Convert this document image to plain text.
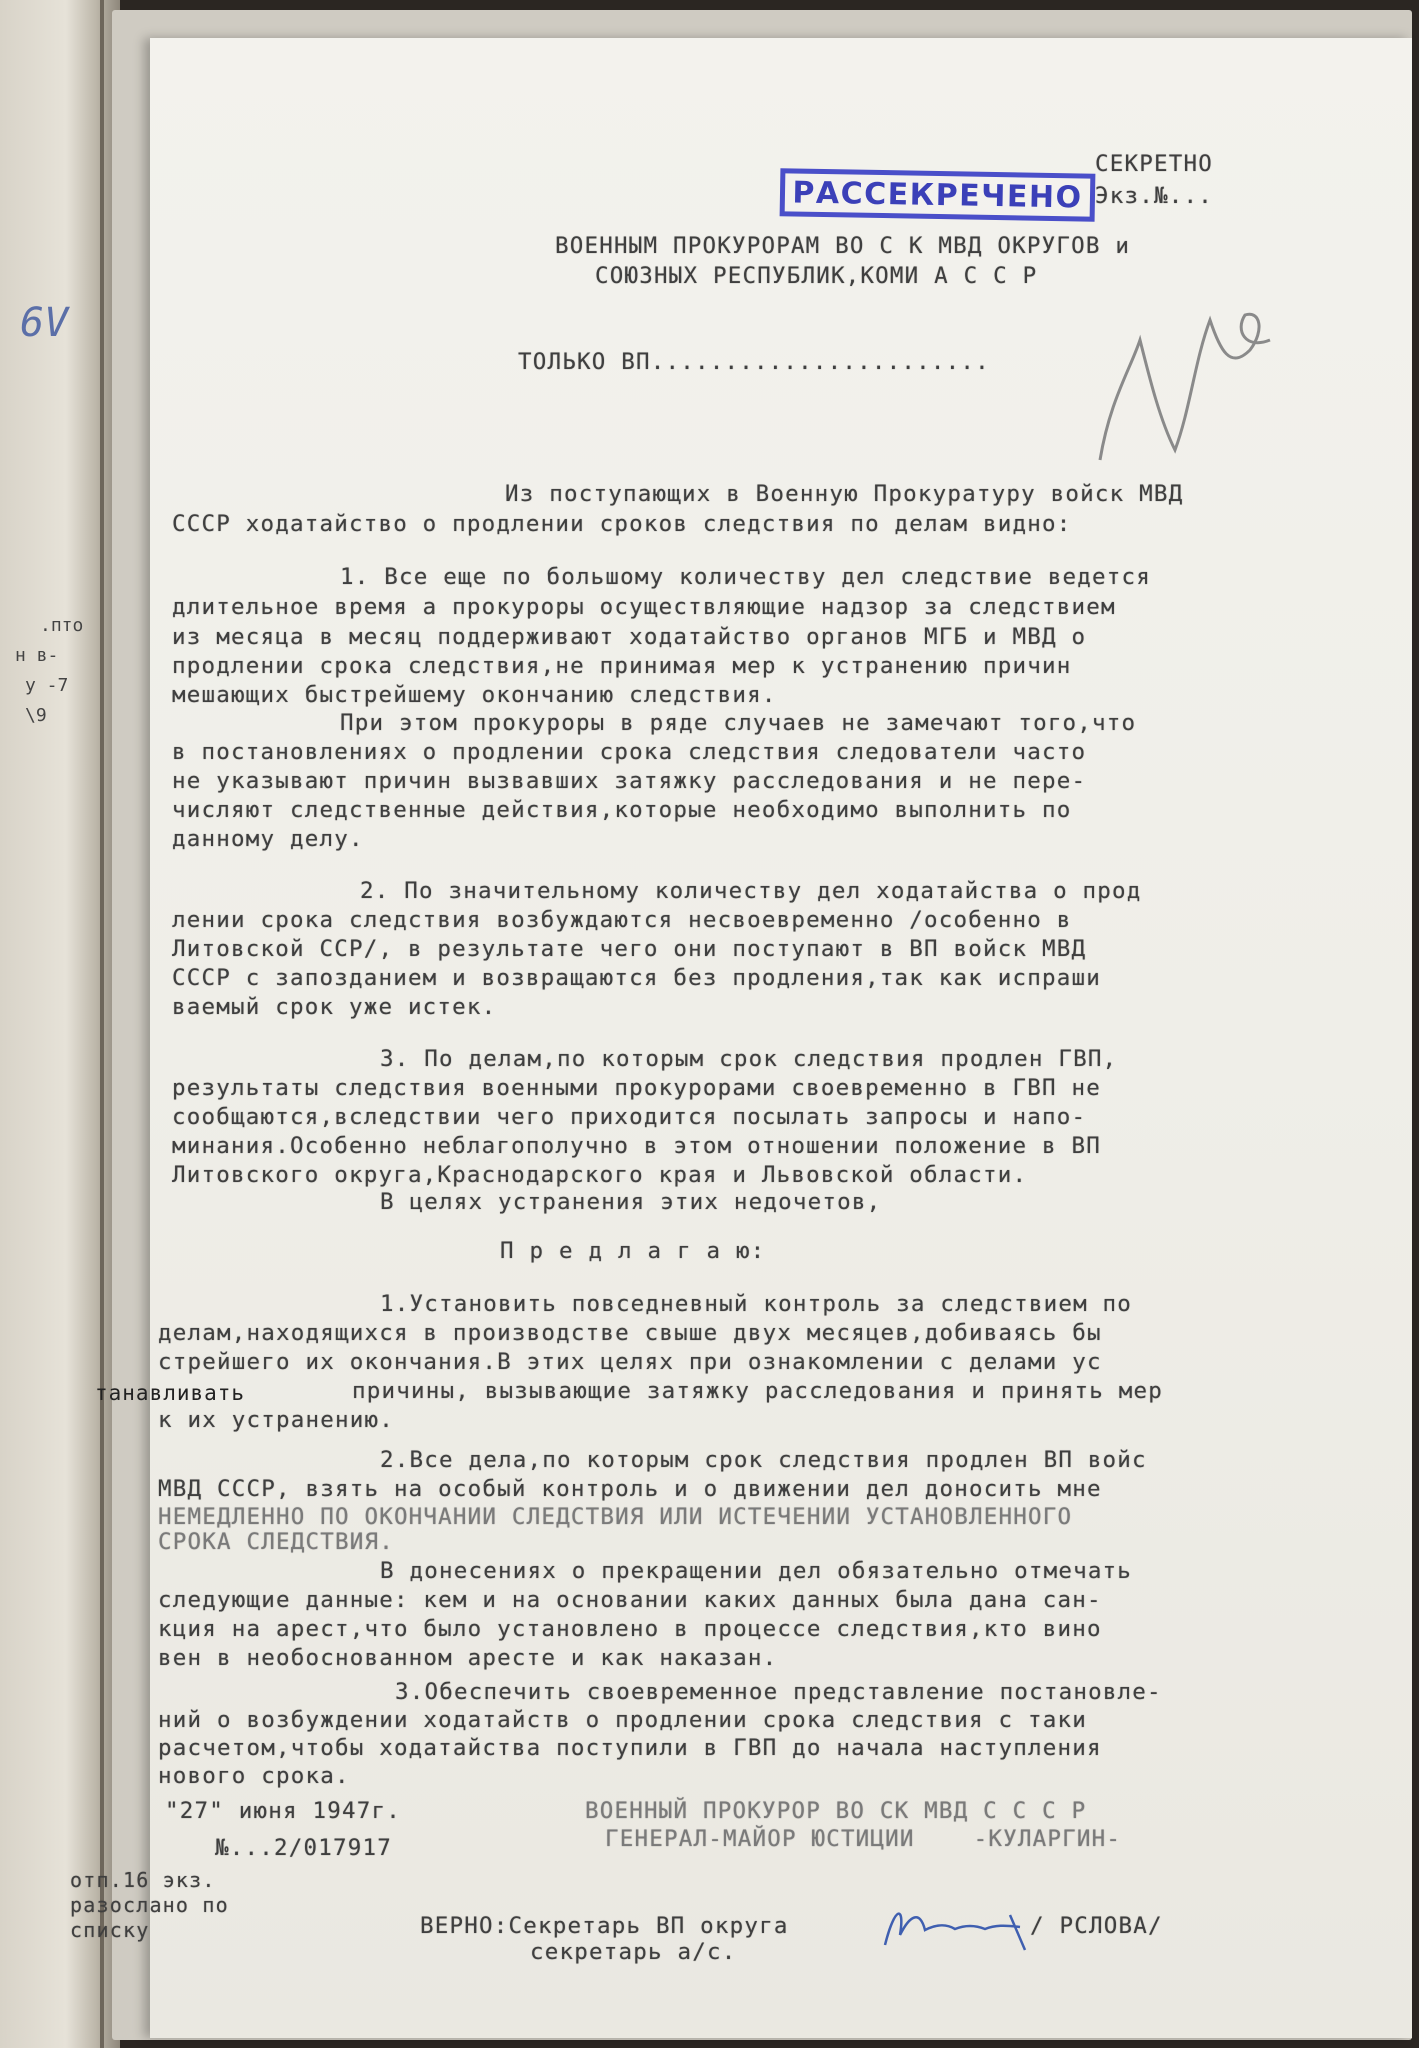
6V
.пто
н в-
у -7
\9
РАССЕКРЕЧЕНО
СЕКРЕТНО
Экз.№...
ВОЕННЫМ ПРОКУРОРАМ ВО С К МВД ОКРУГОВ и
СОЮЗНЫХ РЕСПУБЛИК,КОМИ А С С Р
ТОЛЬКО ВП.......................
Из поступающих в Военную Прокуратуру войск МВД
СССР ходатайство о продлении сроков следствия по делам видно:
1. Все еще по большому количеству дел следствие ведется
длительное время а прокуроры осуществляющие надзор за следствием
из месяца в месяц поддерживают ходатайство органов МГБ и МВД о
продлении срока следствия,не принимая мер к устранению причин
мешающих быстрейшему окончанию следствия.
При этом прокуроры в ряде случаев не замечают того,что
в постановлениях о продлении срока следствия следователи часто
не указывают причин вызвавших затяжку расследования и не пере-
числяют следственные действия,которые необходимо выполнить по
данному делу.
2. По значительному количеству дел ходатайства о прод
лении срока следствия возбуждаются несвоевременно /особенно в
Литовской ССР/, в результате чего они поступают в ВП войск МВД
СССР с запозданием и возвращаются без продления,так как испраши
ваемый срок уже истек.
3. По делам,по которым срок следствия продлен ГВП,
результаты следствия военными прокурорами своевременно в ГВП не
сообщаются,вследствии чего приходится посылать запросы и напо-
минания.Особенно неблагополучно в этом отношении положение в ВП
Литовского округа,Краснодарского края и Львовской области.
В целях устранения этих недочетов,
П р е д л а г а ю:
1.Установить повседневный контроль за следствием по
делам,находящихся в производстве свыше двух месяцев,добиваясь бы
стрейшего их окончания.В этих целях при ознакомлении с делами ус
танавливать	причины, вызывающие затяжку расследования и принять мер
к их устранению.
2.Все дела,по которым срок следствия продлен ВП войс
МВД СССР, взять на особый контроль и о движении дел доносить мне
НЕМЕДЛЕННО ПО ОКОНЧАНИИ СЛЕДСТВИЯ ИЛИ ИСТЕЧЕНИИ УСТАНОВЛЕННОГО
СРОКА СЛЕДСТВИЯ.
В донесениях о прекращении дел обязательно отмечать
следующие данные: кем и на основании каких данных была дана сан-
кция на арест,что было установлено в процессе следствия,кто вино
вен в необоснованном аресте и как наказан.
3.Обеспечить своевременное представление постановле-
ний о возбуждении ходатайств о продлении срока следствия с таки
расчетом,чтобы ходатайства поступили в ГВП до начала наступления
нового срока.
"27" июня 1947г.
№...2/017917
ВОЕННЫЙ ПРОКУРОР ВО СК МВД С С С Р
ГЕНЕРАЛ-МАЙОР ЮСТИЦИИ    -КУЛАРГИН-
отп.16 экз.
разослано по
списку	ВЕРНО:Секретарь ВП округа
секретарь а/с.
/ РСЛОВА/
